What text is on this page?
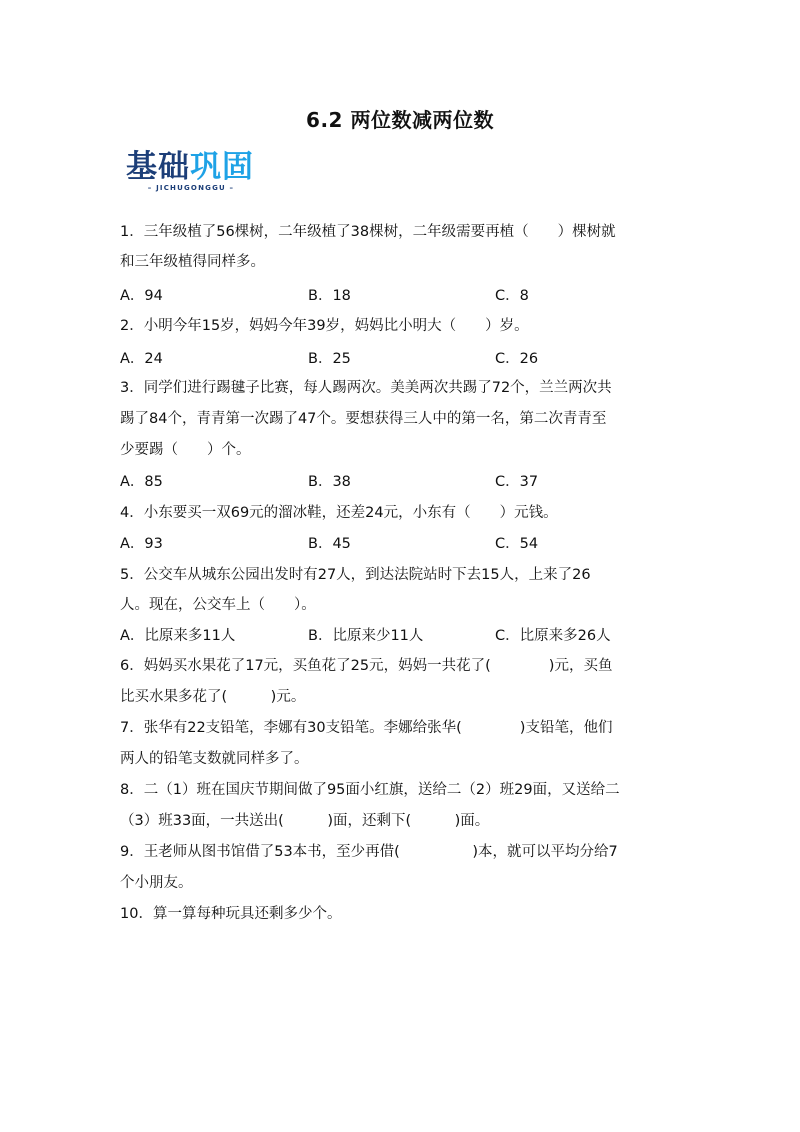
6.2 两位数减两位数
基础 巩固
– JICHUGONGGU –
1．三年级植了56棵树，二年级植了38棵树，二年级需要再植（　　）棵树就
和三年级植得同样多。
A．94	B．18	C．8
2．小明今年15岁，妈妈今年39岁，妈妈比小明大（　　）岁。
A．24	B．25	C．26
3．同学们进行踢毽子比赛，每人踢两次。美美两次共踢了72个，兰兰两次共
踢了84个，青青第一次踢了47个。要想获得三人中的第一名，第二次青青至
少要踢（　　）个。
A．85	B．38	C．37
4．小东要买一双69元的溜冰鞋，还差24元，小东有（　　）元钱。
A．93	B．45	C．54
5．公交车从城东公园出发时有27人，到达法院站时下去15人，上来了26
人。现在，公交车上（　　）。
A．比原来多11人	B．比原来少11人	C．比原来多26人
6．妈妈买水果花了17元，买鱼花了25元，妈妈一共花了(　　　　)元，买鱼
比买水果多花了(　　　)元。
7．张华有22支铅笔，李娜有30支铅笔。李娜给张华(　　　　)支铅笔，他们
两人的铅笔支数就同样多了。
8．二（1）班在国庆节期间做了95面小红旗，送给二（2）班29面，又送给二
（3）班33面，一共送出(　　　)面，还剩下(　　　)面。
9．王老师从图书馆借了53本书，至少再借(　　　　　)本，就可以平均分给7
个小朋友。
10．算一算每种玩具还剩多少个。
